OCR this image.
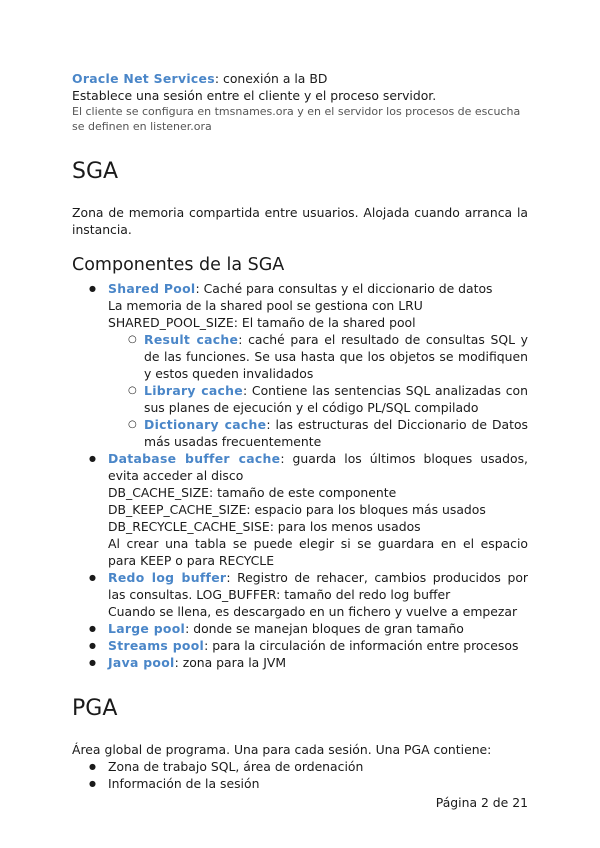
Oracle Net Services: conexión a la BD
Establece una sesión entre el cliente y el proceso servidor.
El cliente se configura en tmsnames.ora y en el servidor los procesos de escucha se definen en listener.ora
SGA

Zona de memoria compartida entre usuarios. Alojada cuando arranca la instancia.

Componentes de la SGA
● Shared Pool: Caché para consultas y el diccionario de datos
La memoria de la shared pool se gestiona con LRU
SHARED_POOL_SIZE: El tamaño de la shared pool
○ Result cache: caché para el resultado de consultas SQL y de las funciones. Se usa hasta que los objetos se modifiquen y estos queden invalidados
○ Library cache: Contiene las sentencias SQL analizadas con sus planes de ejecución y el código PL/SQL compilado
○ Dictionary cache: las estructuras del Diccionario de Datos más usadas frecuentemente
● Database buffer cache: guarda los últimos bloques usados, evita acceder al disco
DB_CACHE_SIZE: tamaño de este componente
DB_KEEP_CACHE_SIZE: espacio para los bloques más usados
DB_RECYCLE_CACHE_SISE: para los menos usados
Al crear una tabla se puede elegir si se guardara en el espacio para KEEP o para RECYCLE
● Redo log buffer: Registro de rehacer, cambios producidos por las consultas. LOG_BUFFER: tamaño del redo log buffer
Cuando se llena, es descargado en un fichero y vuelve a empezar
● Large pool: donde se manejan bloques de gran tamaño
● Streams pool: para la circulación de información entre procesos
● Java pool: zona para la JVM
PGA
Área global de programa. Una para cada sesión. Una PGA contiene:
● Zona de trabajo SQL, área de ordenación
● Información de la sesión
Página 2 de 21
